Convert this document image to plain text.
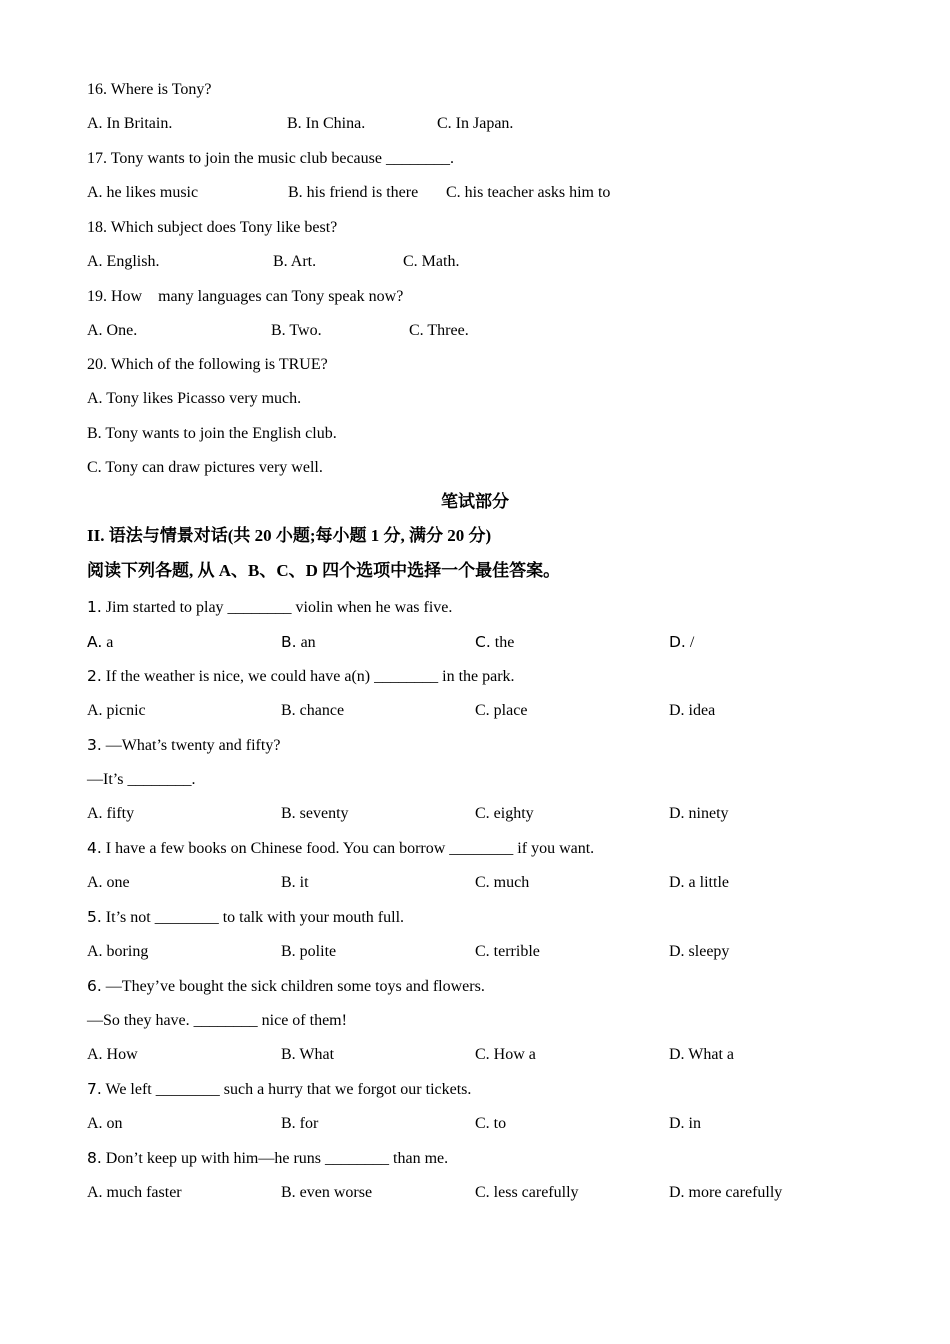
16. Where is Tony?
A. In Britain.	B. In China.	C. In Japan.
17. Tony wants to join the music club because ________.
A. he likes music	B. his friend is there C. his teacher asks him to
18. Which subject does Tony like best?
A. English.	B. Art.	C. Math.
19. How    many languages can Tony speak now?
A. One.	B. Two.	C. Three.
20. Which of the following is TRUE?
A. Tony likes Picasso very much.
B. Tony wants to join the English club.
C. Tony can draw pictures very well.
笔试部分
II. 语法与情景对话(共 20 小题;每小题 1 分, 满分 20 分)
阅读下列各题, 从 A、B、C、D 四个选项中选择一个最佳答案。
1. Jim started to play ________ violin when he was five.
A. a	B. an	C. the	D. /
2. If the weather is nice, we could have a(n) ________ in the park.
A. picnic	B. chance	C. place	D. idea
3. —What’s twenty and fifty?
—It’s ________.
A. fifty	B. seventy	C. eighty	D. ninety
4. I have a few books on Chinese food. You can borrow ________ if you want.
A. one	B. it	C. much	D. a little
5. It’s not ________ to talk with your mouth full.
A. boring	B. polite	C. terrible	D. sleepy
6. —They’ve bought the sick children some toys and flowers.
—So they have. ________ nice of them!
A. How	B. What	C. How a	D. What a
7. We left ________ such a hurry that we forgot our tickets.
A. on	B. for	C. to	D. in
8. Don’t keep up with him—he runs ________ than me.
A. much faster	B. even worse	C. less carefully	D. more carefully
